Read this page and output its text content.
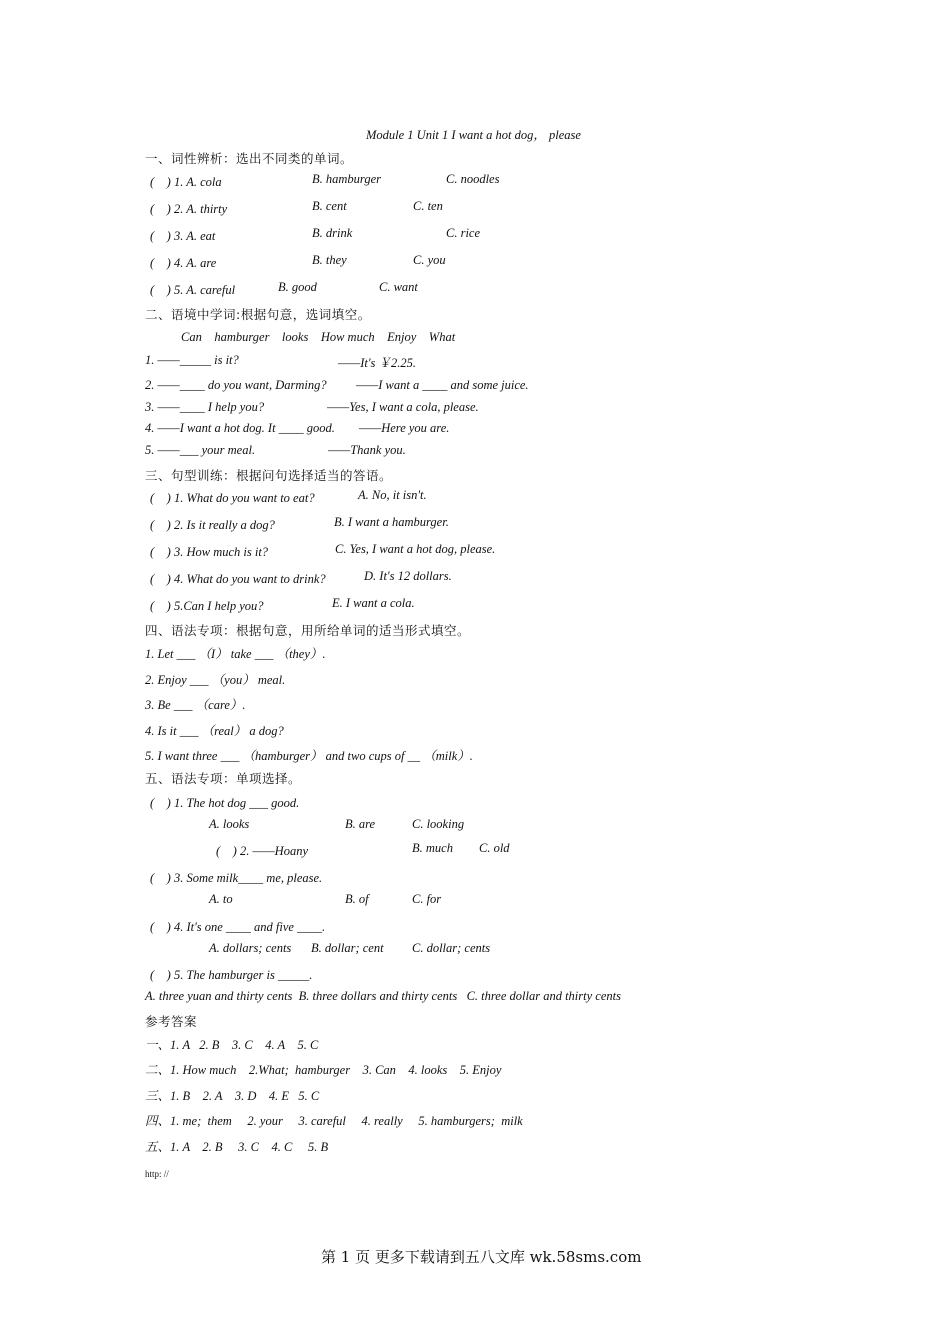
Module 1 Unit 1 I want a hot dog， please
一、词性辨析：选出不同类的单词。
(　) 1. A. cola	B. hamburger	C. noodles
(　) 2. A. thirty	B. cent	C. ten
(　) 3. A. eat	B. drink	C. rice
(　) 4. A. are	B. they	C. you
(　) 5. A. careful	B. good	C. want
二、语境中学词:根据句意，选词填空。
Can    hamburger    looks    How much    Enjoy    What
1. ——_____ is it?	——It's ￥2.25.
2. ——____ do you want, Darming? ——I want a ____ and some juice.
3. ——____ I help you?	——Yes, I want a cola, please.
4. ——I want a hot dog. It ____ good. ——Here you are.
5. ——___ your meal.	——Thank you.
三、句型训练：根据问句选择适当的答语。
(　) 1. What do you want to eat?	A. No, it isn't.
(　) 2. Is it really a dog?	B. I want a hamburger.
(　) 3. How much is it?	C. Yes, I want a hot dog, please.
(　) 4. What do you want to drink?	D. It's 12 dollars.
(　) 5.Can I help you?	E. I want a cola.
四、语法专项：根据句意，用所给单词的适当形式填空。
1. Let ___ （I） take ___ （they）.
2. Enjoy ___ （you） meal.
3. Be ___ （care）.
4. Is it ___ （real） a dog?
5. I want three ___ （hamburger） and two cups of __ （milk）.
五、语法专项：单项选择。
(　) 1. The hot dog ___ good.
A. looks	B. are	C. looking
(　) 2. ——Hoany	B. much C. old
(　) 3. Some milk____ me, please.
A. to	B. of	C. for
(　) 4. It's one ____ and five ____.
A. dollars; cents B. dollar; cent C. dollar; cents
(　) 5. The hamburger is _____.
A. three yuan and thirty cents  B. three dollars and thirty cents   C. three dollar and thirty cents
参考答案
一、1. A   2. B    3. C    4. A    5. C
二、1. How much    2.What;  hamburger    3. Can    4. looks    5. Enjoy
三、1. B    2. A    3. D    4. E   5. C
四、1. me;  them     2. your     3. careful     4. really     5. hamburgers;  milk
五、1. A    2. B     3. C    4. C     5. B
http: //
第 1 页 更多下载请到五八文库 wk.58sms.com
